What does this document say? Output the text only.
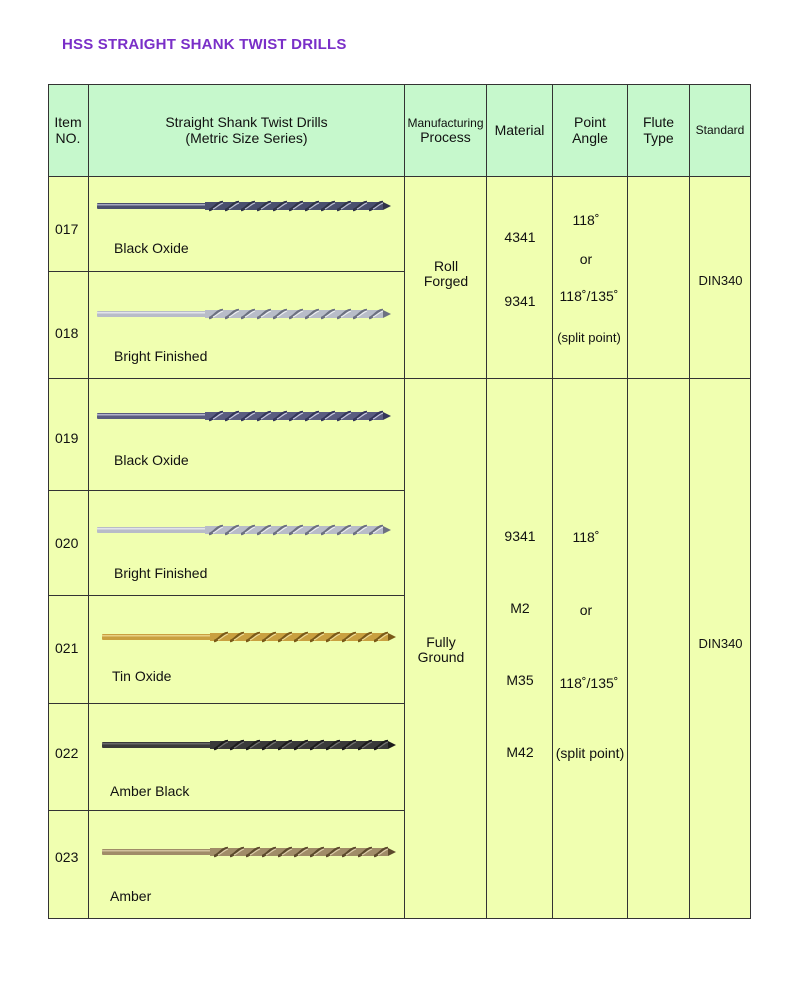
HSS STRAIGHT SHANK TWIST DRILLS
Item
NO.
Straight Shank Twist Drills
(Metric Size Series)
Manufacturing
Process	Material Point
Angle
Flute
Type Standard
017
018
019
020
021
022
023
Black Oxide
Bright Finished
Black Oxide
Bright Finished
Tin Oxide
Amber Black
Amber
Roll
Forged
4341
9341
118˚
or
118˚/135˚
(split point)
DIN340
Fully
Ground
9341
M2
M35
M42
118˚
or
118˚/135˚
(split point)
DIN340
